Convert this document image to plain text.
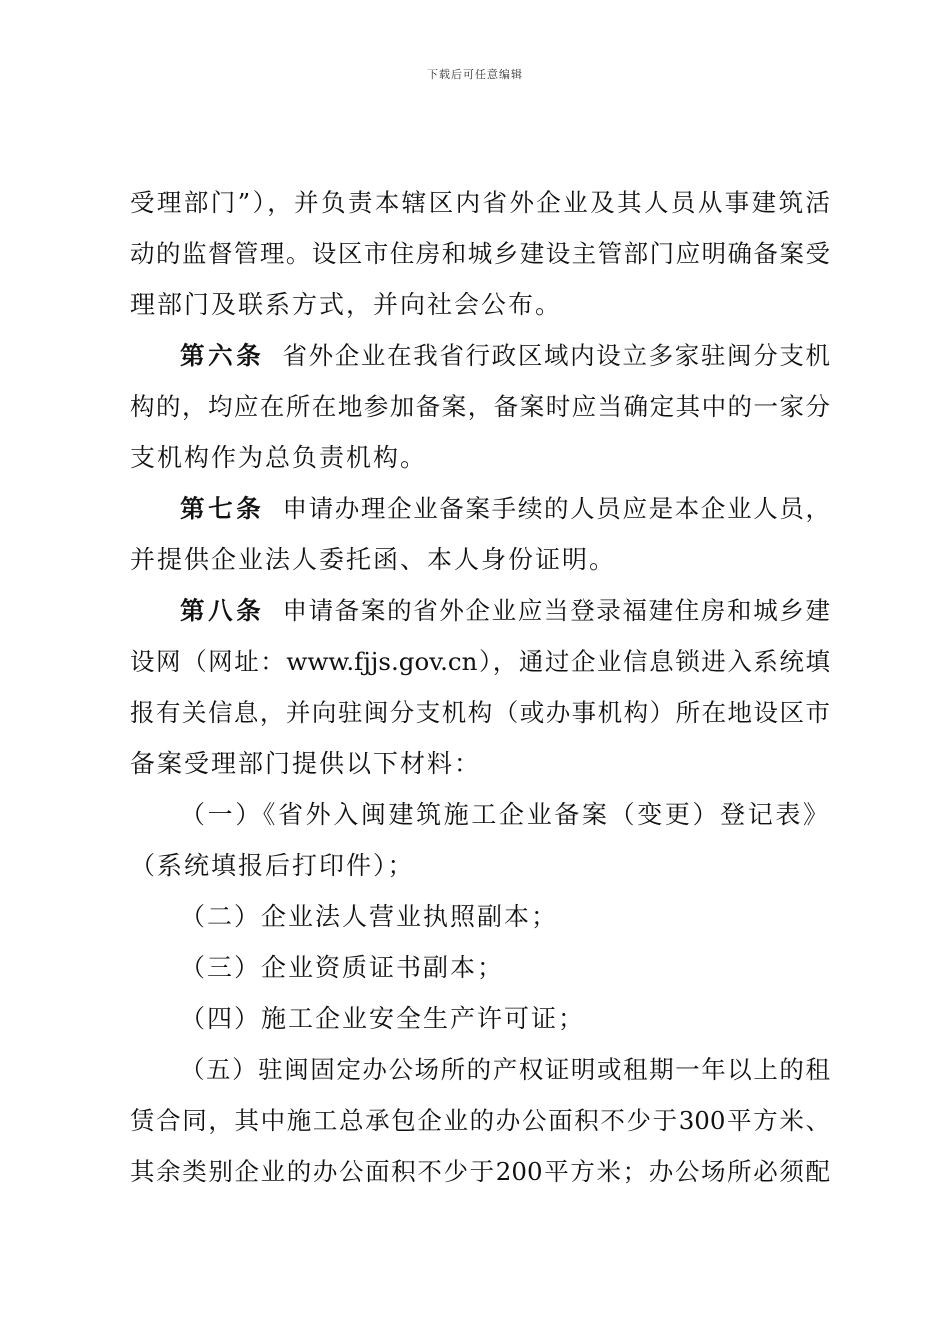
下载后可任意编辑
受理部门”），并负责本辖区内省外企业及其人员从事建筑活
动的监督管理。设区市住房和城乡建设主管部门应明确备案受
理部门及联系方式，并向社会公布。
第六条 省外企业在我省行政区域内设立多家驻闽分支机
构的，均应在所在地参加备案，备案时应当确定其中的一家分
支机构作为总负责机构。
第七条 申请办理企业备案手续的人员应是本企业人员，
并提供企业法人委托函、本人身份证明。
第八条 申请备案的省外企业应当登录福建住房和城乡建
设网（网址：www.fjjs.gov.cn），通过企业信息锁进入系统填
报有关信息，并向驻闽分支机构（或办事机构）所在地设区市
备案受理部门提供以下材料：
（一）《省外入闽建筑施工企业备案（变更）登记表》
（系统填报后打印件）；
（二）企业法人营业执照副本；
（三）企业资质证书副本；
（四）施工企业安全生产许可证；
（五）驻闽固定办公场所的产权证明或租期一年以上的租
赁合同，其中施工总承包企业的办公面积不少于300平方米、
其余类别企业的办公面积不少于200平方米；办公场所必须配
